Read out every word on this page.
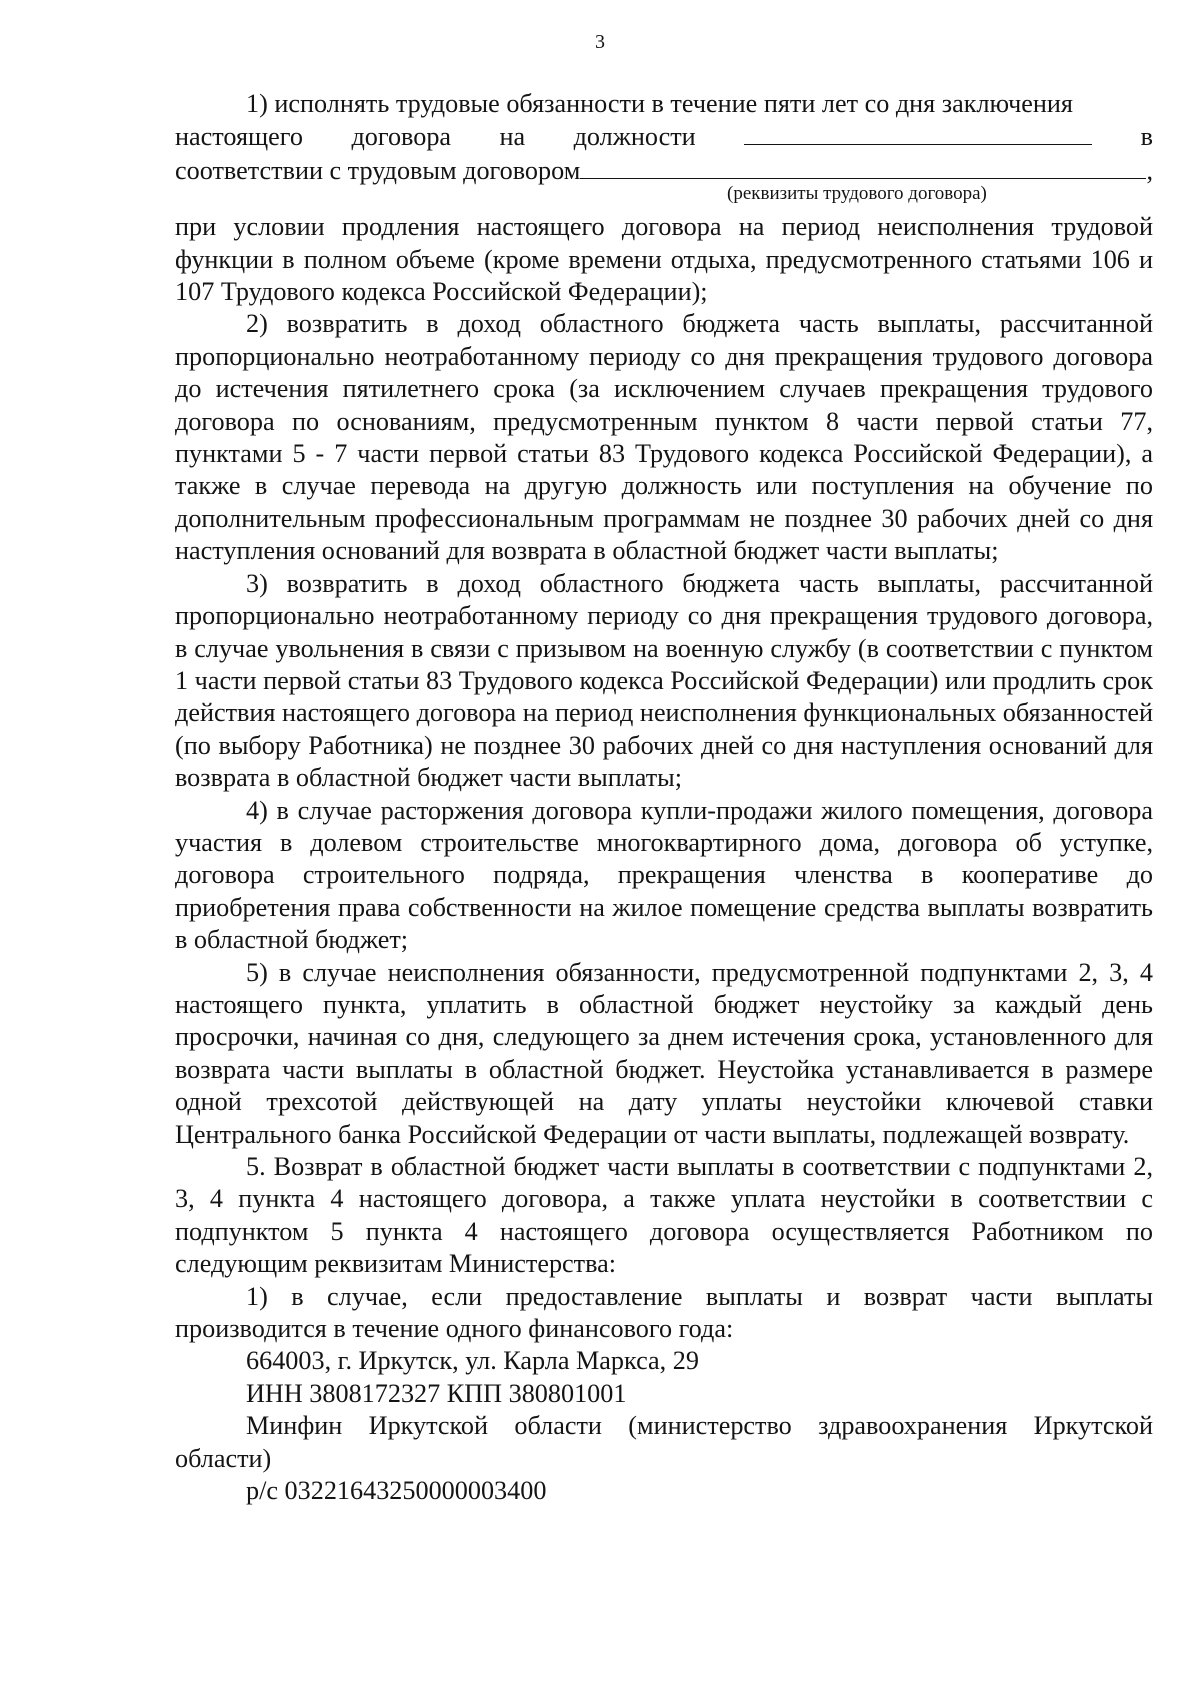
3

1) исполнять трудовые обязанности в течение пяти лет со дня заключения

настоящего договора на должности	в
соответствии с трудовым договором	,
(реквизиты трудового договора)

при условии продления настоящего договора на период неисполнения трудовой функции в полном объеме (кроме времени отдыха, предусмотренного статьями 106 и 107 Трудового кодекса Российской Федерации);

2) возвратить в доход областного бюджета часть выплаты, рассчитанной пропорционально неотработанному периоду со дня прекращения трудового договора до истечения пятилетнего срока (за исключением случаев прекращения трудового договора по основаниям, предусмотренным пунктом 8 части первой статьи 77, пунктами 5 - 7 части первой статьи 83 Трудового кодекса Российской Федерации), а также в случае перевода на другую должность или поступления на обучение по дополнительным профессиональным программам не позднее 30 рабочих дней со дня наступления оснований для возврата в областной бюджет части выплаты;

3) возвратить в доход областного бюджета часть выплаты, рассчитанной пропорционально неотработанному периоду со дня прекращения трудового договора, в случае увольнения в связи с призывом на военную службу (в соответствии с пунктом 1 части первой статьи 83 Трудового кодекса Российской Федерации) или продлить срок действия настоящего договора на период неисполнения функциональных обязанностей (по выбору Работника) не позднее 30 рабочих дней со дня наступления оснований для возврата в областной бюджет части выплаты;

4) в случае расторжения договора купли-продажи жилого помещения, договора участия в долевом строительстве многоквартирного дома, договора об уступке, договора строительного подряда, прекращения членства в кооперативе до приобретения права собственности на жилое помещение средства выплаты возвратить в областной бюджет;

5) в случае неисполнения обязанности, предусмотренной подпунктами 2, 3, 4 настоящего пункта, уплатить в областной бюджет неустойку за каждый день просрочки, начиная со дня, следующего за днем истечения срока, установленного для возврата части выплаты в областной бюджет. Неустойка устанавливается в размере одной трехсотой действующей на дату уплаты неустойки ключевой ставки Центрального банка Российской Федерации от части выплаты, подлежащей возврату.

5. Возврат в областной бюджет части выплаты в соответствии с подпунктами 2, 3, 4 пункта 4 настоящего договора, а также уплата неустойки в соответствии с подпунктом 5 пункта 4 настоящего договора осуществляется Работником по следующим реквизитам Министерства:

1) в случае, если предоставление выплаты и возврат части выплаты производится в течение одного финансового года:

664003, г. Иркутск, ул. Карла Маркса, 29

ИНН 3808172327 КПП 380801001

Минфин Иркутской области (министерство здравоохранения Иркутской области)

р/с 03221643250000003400
